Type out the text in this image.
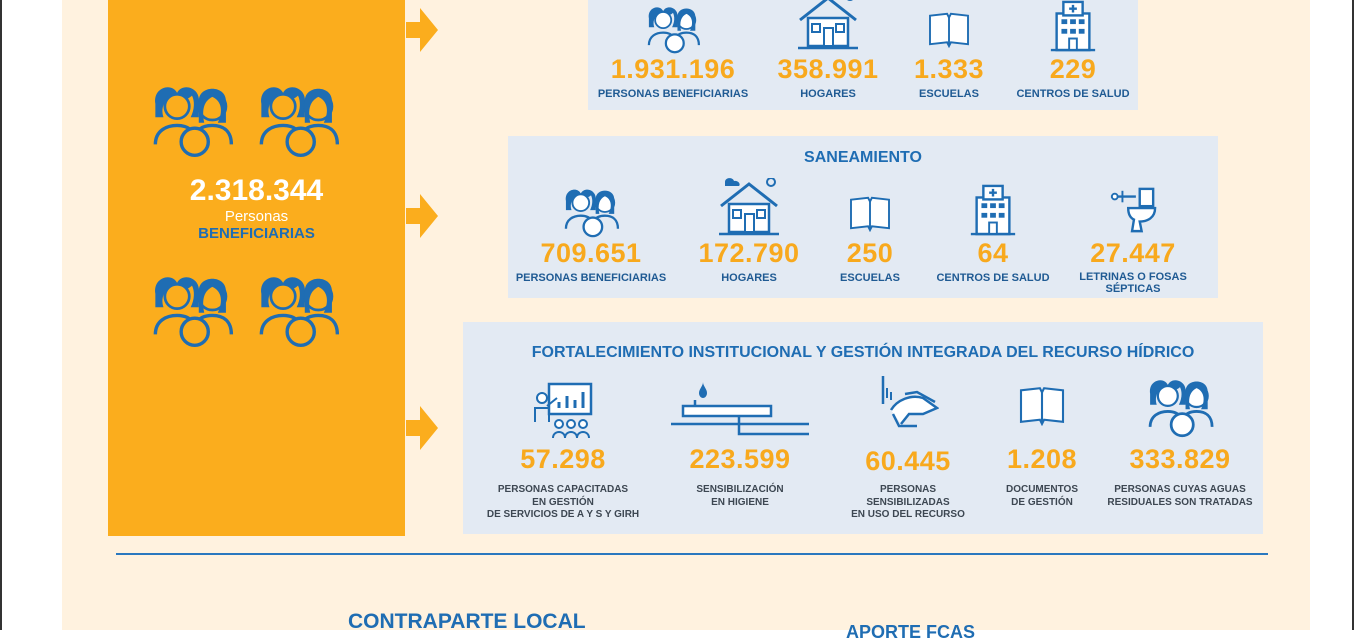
2.318.344
Personas
BENEFICIARIAS
1.931.196
PERSONAS BENEFICIARIAS
358.991
HOGARES
1.333
ESCUELAS
229
CENTROS DE SALUD
SANEAMIENTO
709.651
PERSONAS BENEFICIARIAS
172.790
HOGARES
250
ESCUELAS
64
CENTROS DE SALUD
27.447
LETRINAS O FOSAS
SÉPTICAS
FORTALECIMIENTO INSTITUCIONAL Y GESTIÓN INTEGRADA DEL RECURSO HÍDRICO
57.298
PERSONAS CAPACITADAS
EN GESTIÓN
DE SERVICIOS DE A Y S Y GIRH
223.599
SENSIBILIZACIÓN
EN HIGIENE
60.445
PERSONAS
SENSIBILIZADAS
EN USO DEL RECURSO
1.208
DOCUMENTOS
DE GESTIÓN
333.829
PERSONAS CUYAS AGUAS
RESIDUALES SON TRATADAS
CONTRAPARTE LOCAL	APORTE FCAS
